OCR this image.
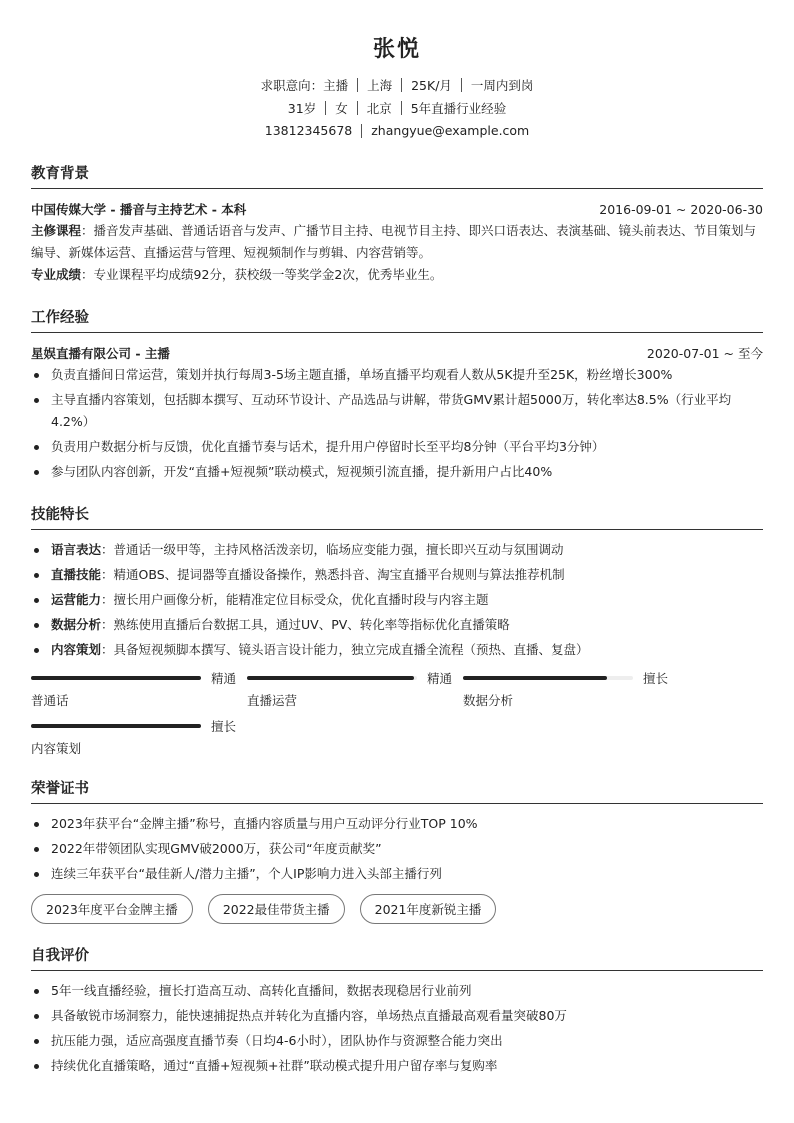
张悦
求职意向：主播 上海 25K/月 一周内到岗
31岁 女 北京 5年直播行业经验
13812345678 zhangyue@example.com
教育背景
中国传媒大学 - 播音与主持艺术 - 本科	2016-09-01 ~ 2020-06-30

主修课程：播音发声基础、普通话语音与发声、广播节目主持、电视节目主持、即兴口语表达、表演基础、镜头前表达、节目策划与编导、新媒体运营、直播运营与管理、短视频制作与剪辑、内容营销等。

专业成绩：专业课程平均成绩92分，获校级一等奖学金2次，优秀毕业生。

工作经验
星娱直播有限公司 - 主播	2020-07-01 ~ 至今
负责直播间日常运营，策划并执行每周3-5场主题直播，单场直播平均观看人数从5K提升至25K，粉丝增长300%
主导直播内容策划，包括脚本撰写、互动环节设计、产品选品与讲解，带货GMV累计超5000万，转化率达8.5%（行业平均4.2%）
负责用户数据分析与反馈，优化直播节奏与话术，提升用户停留时长至平均8分钟（平台平均3分钟）
参与团队内容创新，开发“直播+短视频”联动模式，短视频引流直播，提升新用户占比40%
技能特长
语言表达：普通话一级甲等，主持风格活泼亲切，临场应变能力强，擅长即兴互动与氛围调动
直播技能：精通OBS、提词器等直播设备操作，熟悉抖音、淘宝直播平台规则与算法推荐机制
运营能力：擅长用户画像分析，能精准定位目标受众，优化直播时段与内容主题
数据分析：熟练使用直播后台数据工具，通过UV、PV、转化率等指标优化直播策略
内容策划：具备短视频脚本撰写、镜头语言设计能力，独立完成直播全流程（预热、直播、复盘）
精通
普通话
精通
直播运营
擅长
数据分析
擅长
内容策划
荣誉证书
2023年获平台“金牌主播”称号，直播内容质量与用户互动评分行业TOP 10%
2022年带领团队实现GMV破2000万，获公司“年度贡献奖”
连续三年获平台“最佳新人/潜力主播”，个人IP影响力进入头部主播行列
2023年度平台金牌主播	2022最佳带货主播	2021年度新锐主播
自我评价
5年一线直播经验，擅长打造高互动、高转化直播间，数据表现稳居行业前列
具备敏锐市场洞察力，能快速捕捉热点并转化为直播内容，单场热点直播最高观看量突破80万
抗压能力强，适应高强度直播节奏（日均4-6小时），团队协作与资源整合能力突出
持续优化直播策略，通过“直播+短视频+社群”联动模式提升用户留存率与复购率
